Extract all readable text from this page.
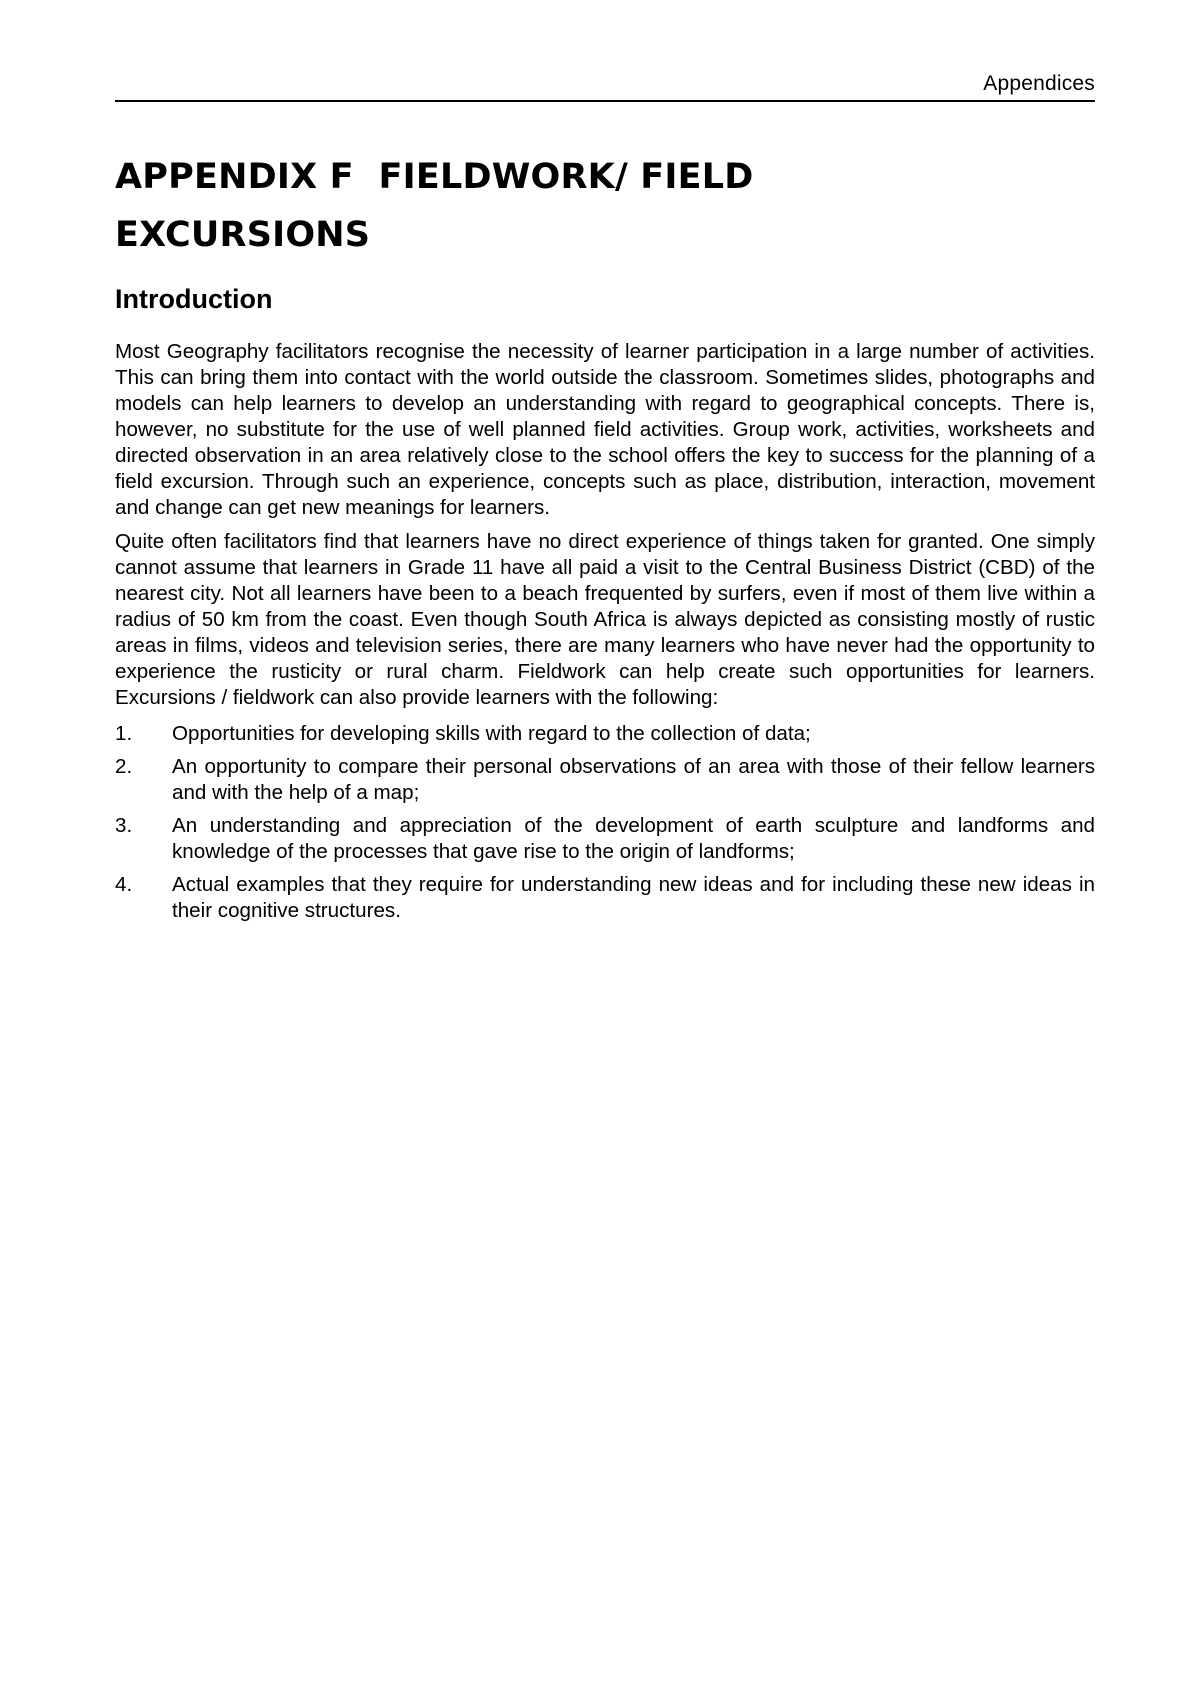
Appendices
APPENDIX F  FIELDWORK/ FIELD
EXCURSIONS
Introduction

Most Geography facilitators recognise the necessity of learner participation in a large number of activities. This can bring them into contact with the world outside the classroom. Sometimes slides, photographs and models can help learners to develop an understanding with regard to geographical concepts. There is, however, no substitute for the use of well planned field activities. Group work, activities, worksheets and directed observation in an area relatively close to the school offers the key to success for the planning of a field excursion. Through such an experience, concepts such as place, distribution, interaction, movement and change can get new meanings for learners.

Quite often facilitators find that learners have no direct experience of things taken for granted. One simply cannot assume that learners in Grade 11 have all paid a visit to the Central Business District (CBD) of the nearest city. Not all learners have been to a beach frequented by surfers, even if most of them live within a radius of 50 km from the coast. Even though South Africa is always depicted as consisting mostly of rustic areas in films, videos and television series, there are many learners who have never had the opportunity to experience the rusticity or rural charm. Fieldwork can help create such opportunities for learners. Excursions / fieldwork can also provide learners with the following:

1.	Opportunities for developing skills with regard to the collection of data;
2.	An opportunity to compare their personal observations of an area with those of their fellow learners and with the help of a map;
3.	An understanding and appreciation of the development of earth sculpture and landforms and knowledge of the processes that gave rise to the origin of landforms;
4.	Actual examples that they require for understanding new ideas and for including these new ideas in their cognitive structures.
